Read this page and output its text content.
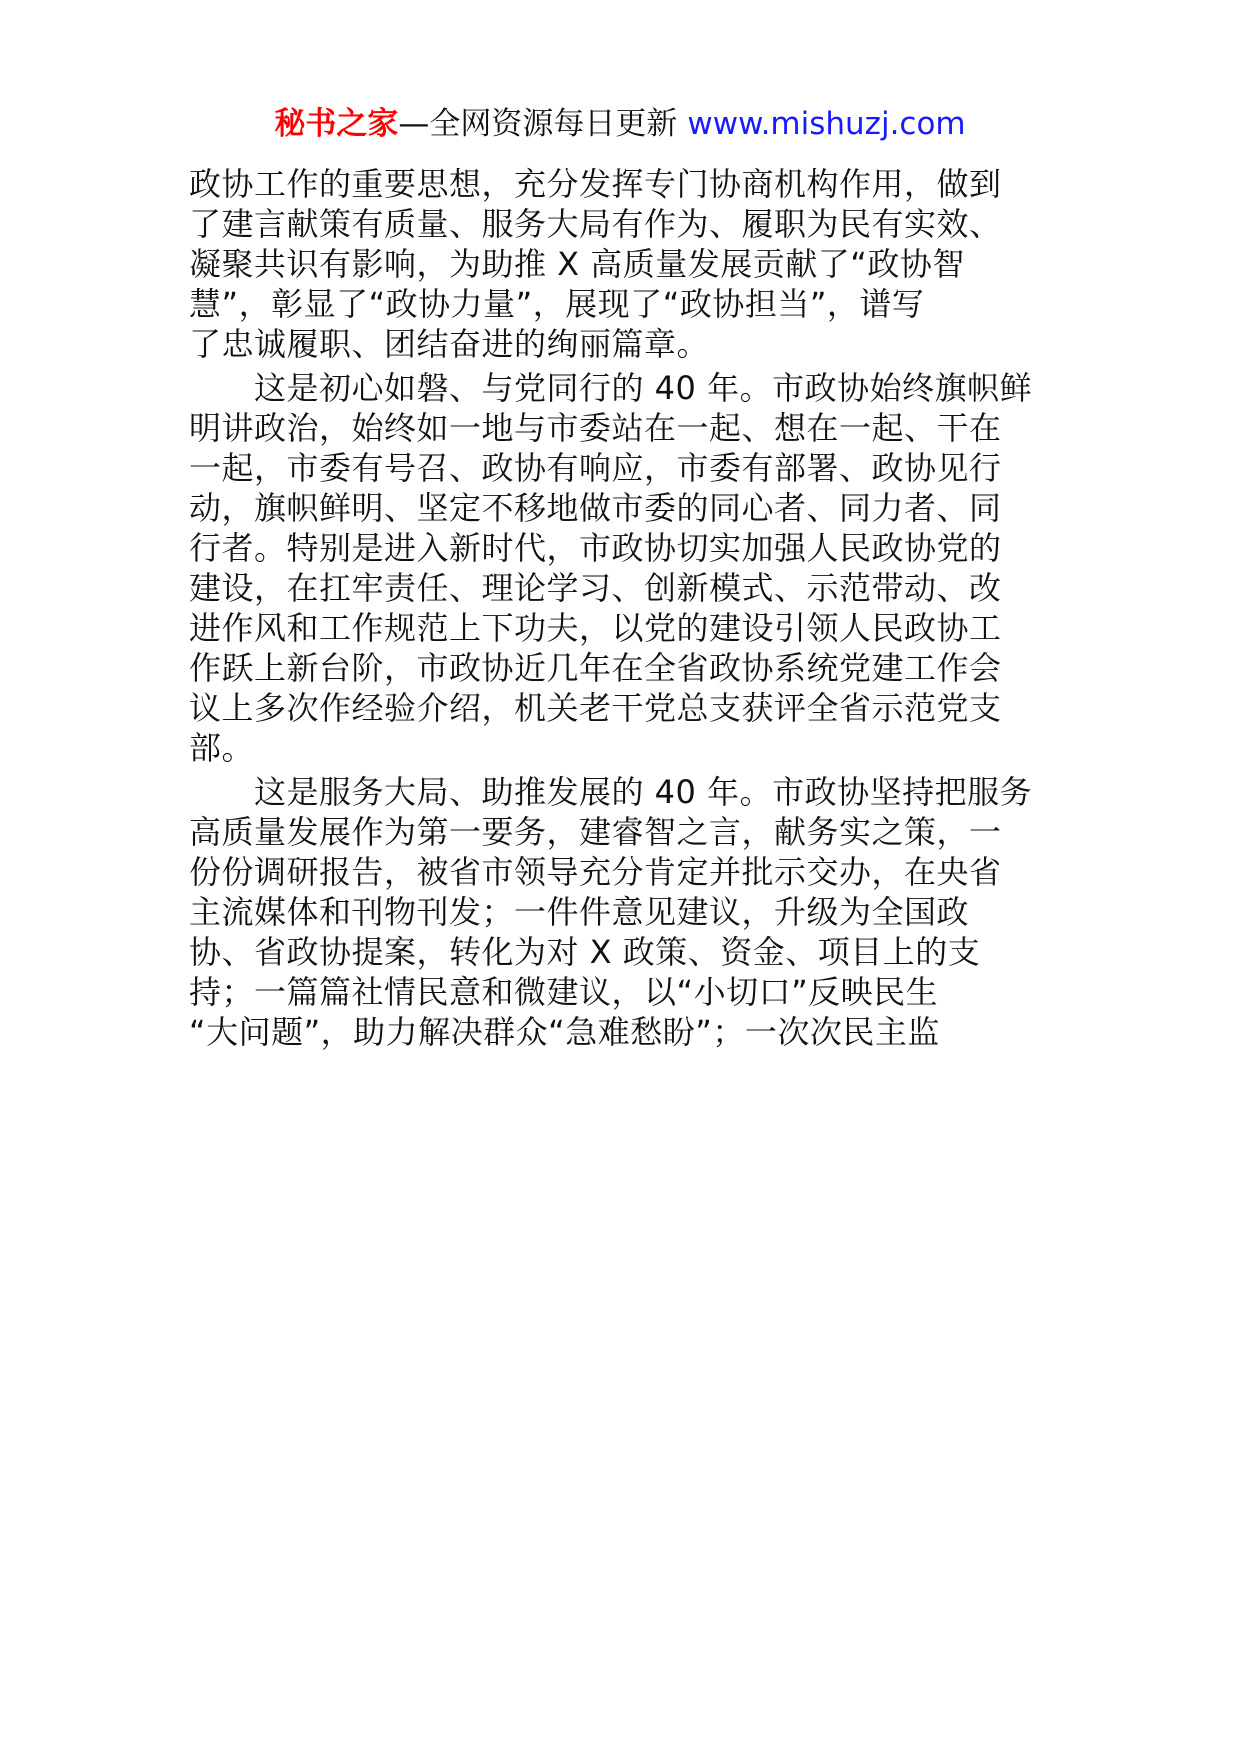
秘书之家—全网资源每日更新 www.mishuzj.com

政协工作的重要思想，充分发挥专门协商机构作用，做到

了建言献策有质量、服务大局有作为、履职为民有实效、

凝聚共识有影响，为助推 X 高质量发展贡献了“政协智

慧”，彰显了“政协力量”，展现了“政协担当”，谱写

了忠诚履职、团结奋进的绚丽篇章。

　　这是初心如磐、与党同行的 40 年。市政协始终旗帜鲜

明讲政治，始终如一地与市委站在一起、想在一起、干在

一起，市委有号召、政协有响应，市委有部署、政协见行

动，旗帜鲜明、坚定不移地做市委的同心者、同力者、同

行者。特别是进入新时代，市政协切实加强人民政协党的

建设，在扛牢责任、理论学习、创新模式、示范带动、改

进作风和工作规范上下功夫，以党的建设引领人民政协工

作跃上新台阶，市政协近几年在全省政协系统党建工作会

议上多次作经验介绍，机关老干党总支获评全省示范党支

部。

　　这是服务大局、助推发展的 40 年。市政协坚持把服务

高质量发展作为第一要务，建睿智之言，献务实之策，一

份份调研报告，被省市领导充分肯定并批示交办，在央省

主流媒体和刊物刊发；一件件意见建议，升级为全国政

协、省政协提案，转化为对 X 政策、资金、项目上的支

持；一篇篇社情民意和微建议，以“小切口”反映民生

“大问题”，助力解决群众“急难愁盼”；一次次民主监
